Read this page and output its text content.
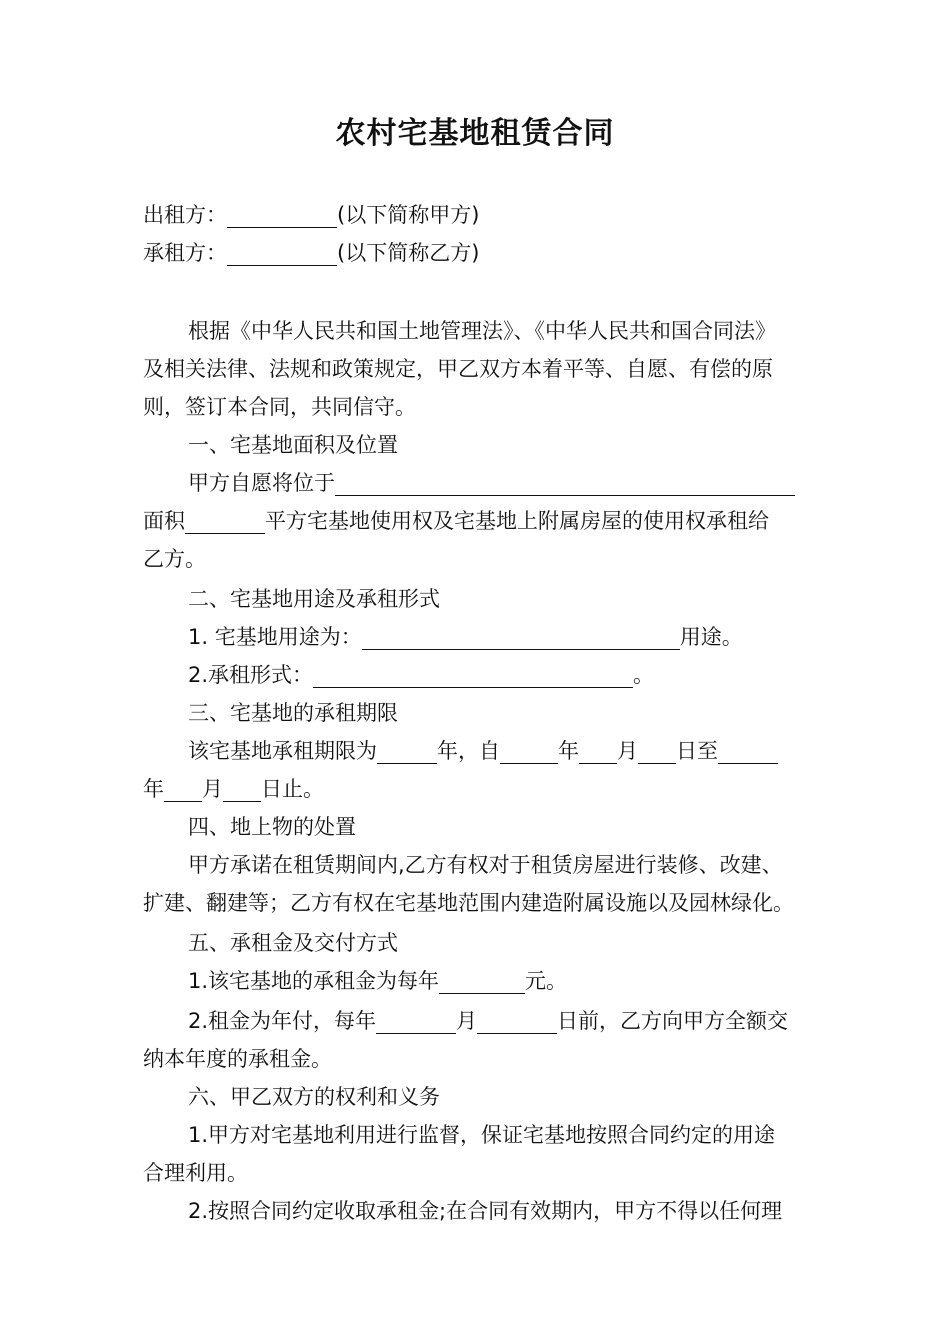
农村宅基地租赁合同
出租方：	(以下简称甲方)
承租方：	(以下简称乙方)
根据《中华人民共和国土地管理法》、《中华人民共和国合同法》
及相关法律、法规和政策规定，甲乙双方本着平等、自愿、有偿的原
则，签订本合同，共同信守。
一、宅基地面积及位置
甲方自愿将位于
面积	平方宅基地使用权及宅基地上附属房屋的使用权承租给
乙方。
二、宅基地用途及承租形式
1. 宅基地用途为：	用途。
2.承租形式：	。
三、宅基地的承租期限
该宅基地承租期限为	年，自	年 月 日至
年 月 日止。
四、地上物的处置
甲方承诺在租赁期间内,乙方有权对于租赁房屋进行装修、改建、
扩建、翻建等；乙方有权在宅基地范围内建造附属设施以及园林绿化。
五、承租金及交付方式
1.该宅基地的承租金为每年	元。
2.租金为年付，每年	月	日前，乙方向甲方全额交
纳本年度的承租金。
六、甲乙双方的权利和义务
1.甲方对宅基地利用进行监督，保证宅基地按照合同约定的用途
合理利用。
2.按照合同约定收取承租金;在合同有效期内，甲方不得以任何理
